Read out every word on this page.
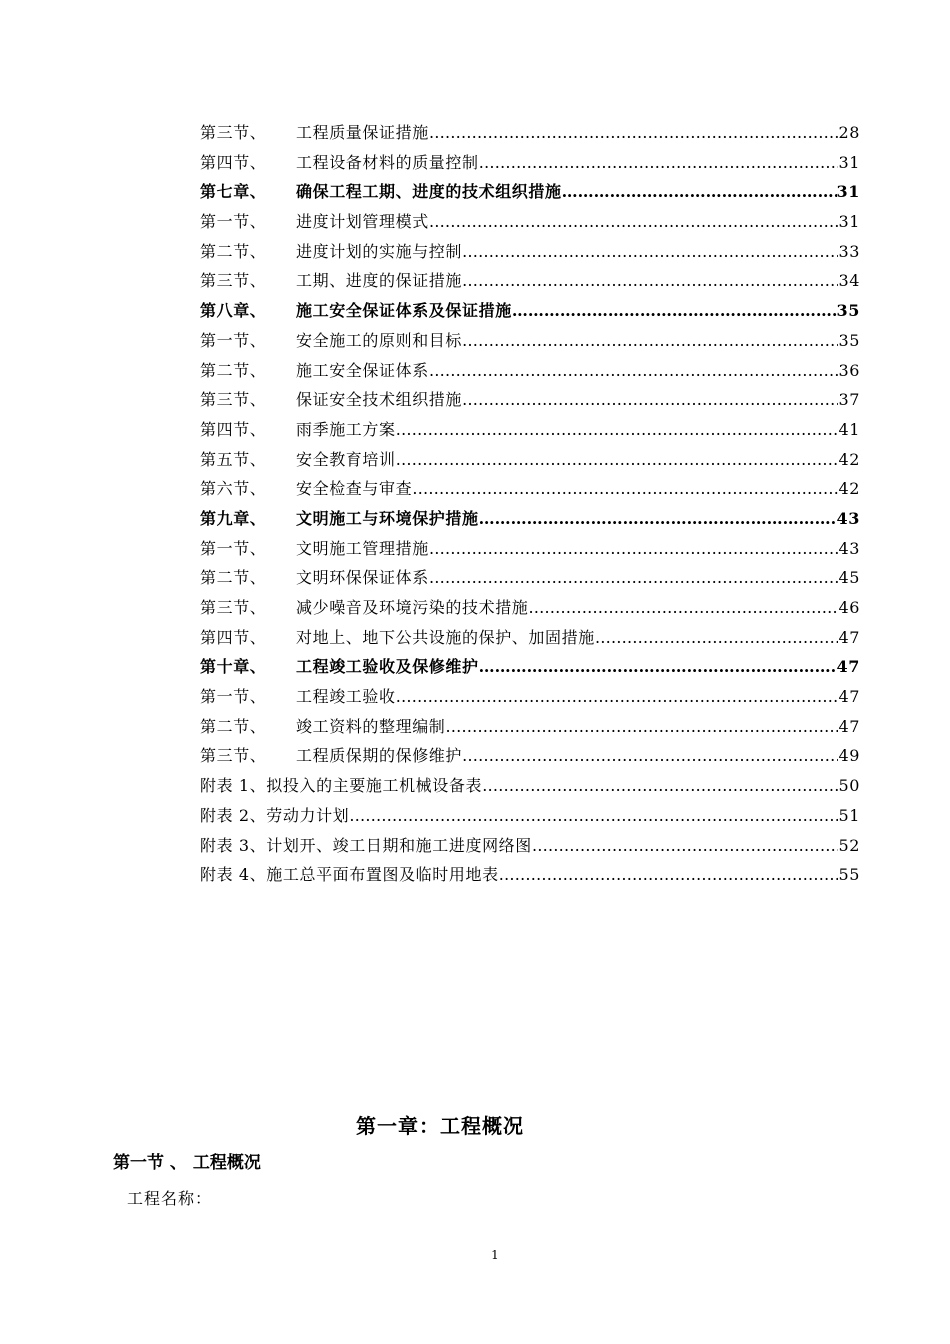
第三节、	工程质量保证措施 …………………………………………………………………………………………………………………………………………	28
第四节、	工程设备材料的质量控制 …………………………………………………………………………………………………………………………………………	31
第七章、	确保工程工期、进度的技术组织措施 …………………………………………………………………………………………………………………………………………	31
第一节、	进度计划管理模式 …………………………………………………………………………………………………………………………………………	31
第二节、	进度计划的实施与控制 …………………………………………………………………………………………………………………………………………	33
第三节、	工期、进度的保证措施 …………………………………………………………………………………………………………………………………………	34
第八章、	施工安全保证体系及保证措施 …………………………………………………………………………………………………………………………………………	35
第一节、	安全施工的原则和目标 …………………………………………………………………………………………………………………………………………	35
第二节、	施工安全保证体系 …………………………………………………………………………………………………………………………………………	36
第三节、	保证安全技术组织措施 …………………………………………………………………………………………………………………………………………	37
第四节、	雨季施工方案 …………………………………………………………………………………………………………………………………………	41
第五节、	安全教育培训 …………………………………………………………………………………………………………………………………………	42
第六节、	安全检查与审查 …………………………………………………………………………………………………………………………………………	42
第九章、	文明施工与环境保护措施 …………………………………………………………………………………………………………………………………………	43
第一节、	文明施工管理措施 …………………………………………………………………………………………………………………………………………	43
第二节、	文明环保保证体系 …………………………………………………………………………………………………………………………………………	45
第三节、	减少噪音及环境污染的技术措施 …………………………………………………………………………………………………………………………………………	46
第四节、	对地上、地下公共设施的保护、加固措施 …………………………………………………………………………………………………………………………………………	47
第十章、	工程竣工验收及保修维护 …………………………………………………………………………………………………………………………………………	47
第一节、	工程竣工验收 …………………………………………………………………………………………………………………………………………	47
第二节、	竣工资料的整理编制 …………………………………………………………………………………………………………………………………………	47
第三节、	工程质保期的保修维护 …………………………………………………………………………………………………………………………………………	49
附表 1、拟投入的主要施工机械设备表 …………………………………………………………………………………………………………………………………………	50
附表 2、劳动力计划 …………………………………………………………………………………………………………………………………………	51
附表 3、计划开、竣工日期和施工进度网络图 …………………………………………………………………………………………………………………………………………	52
附表 4、施工总平面布置图及临时用地表 …………………………………………………………………………………………………………………………………………	55
第一章：工程概况
第一节 、 工程概况
工程名称：
1
